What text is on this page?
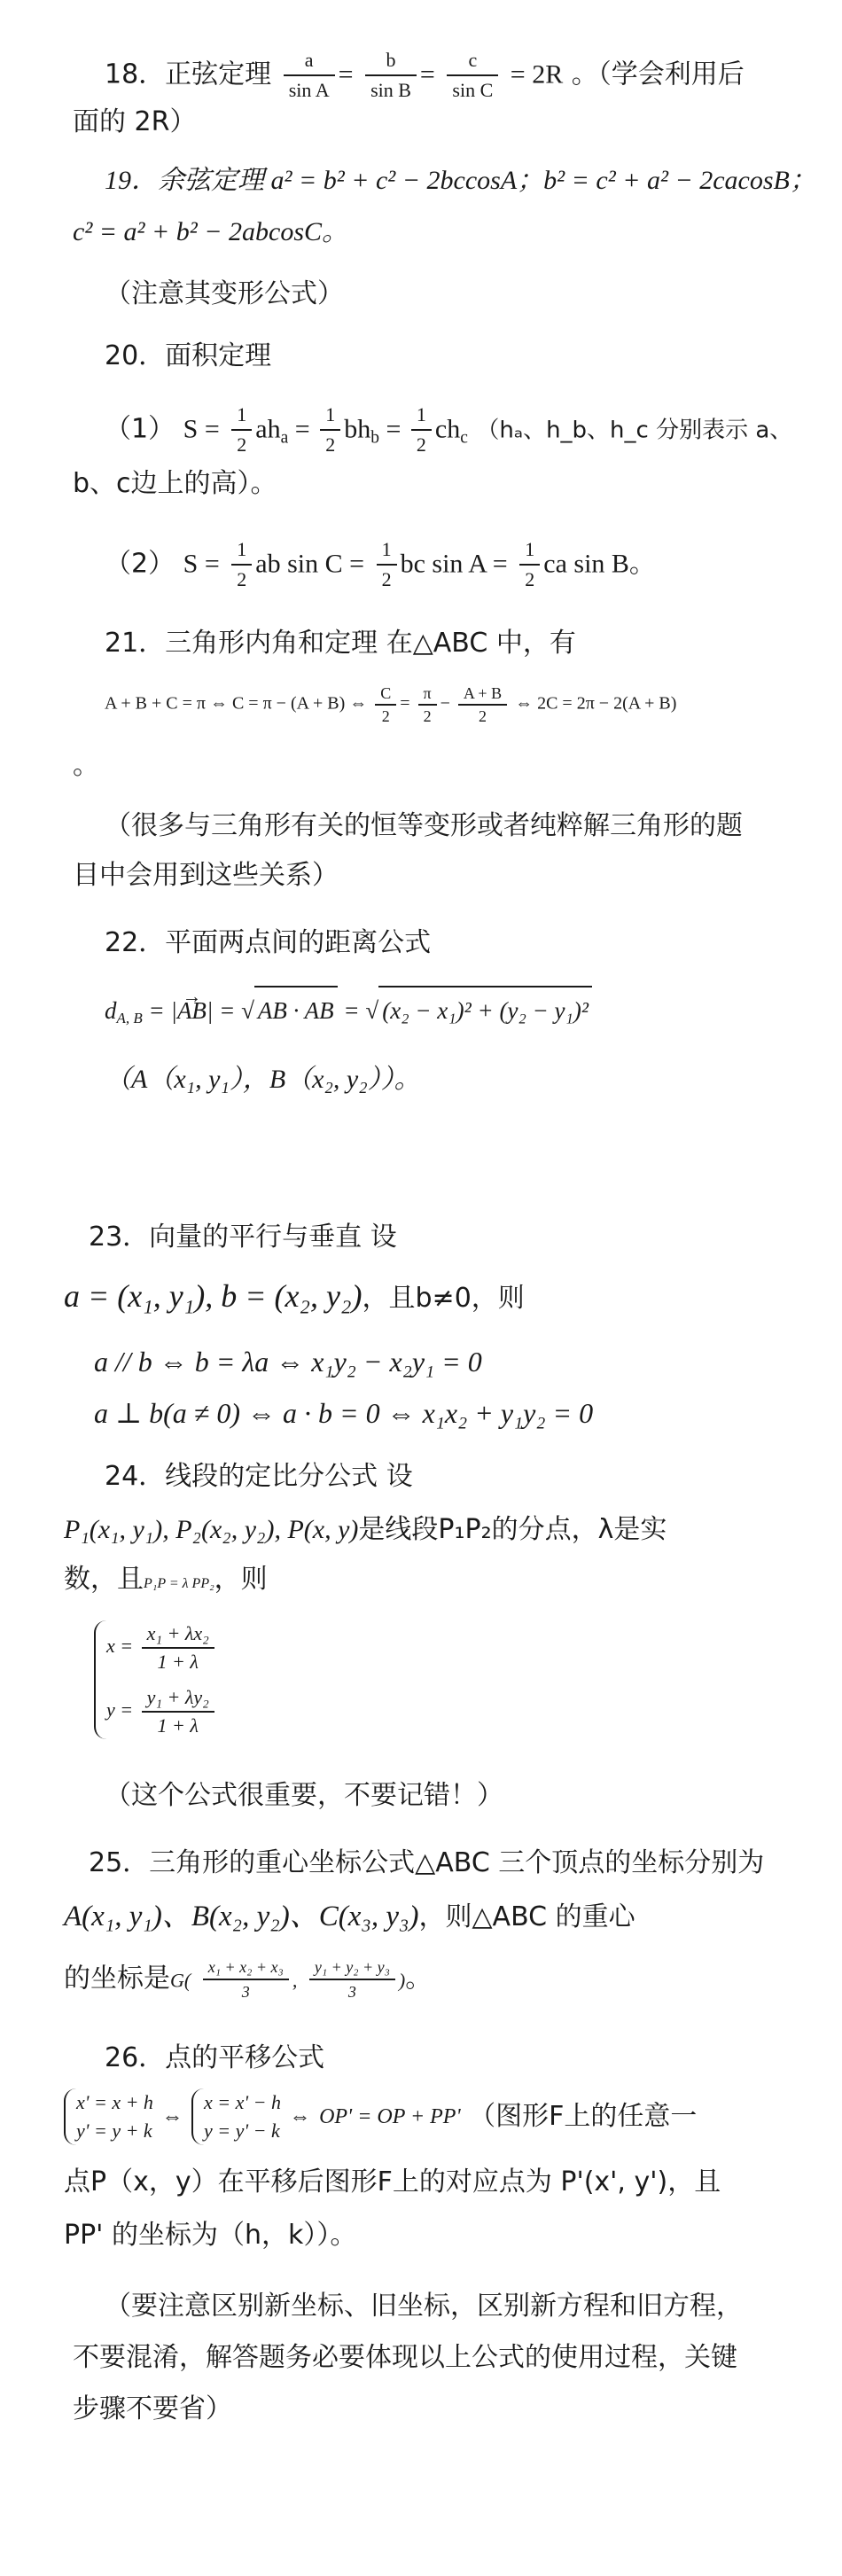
18．正弦定理 $\frac{a}{\text{sin A}} = \frac{b}{\text{sin B}} = \frac{c}{\text{sin C}} = 2R$ 。（学会利用后
面的 2R）
19．余弦定理 a² = b² + c² − 2bccosA；b² = c² + a² − 2cacosB；
c² = a² + b² − 2abcosC。
（注意其变形公式）
20．面积定理
（1） $S = \frac{1}{2} ah_a = \frac{1}{2} bh_b = \frac{1}{2} ch_c$ （hₐ、h_b、h_c 分别表示 a、
b、c边上的高）。
（2） $S = \frac{1}{2}$ ab $\sin C = \frac{1}{2}$ bc $\sin A = \frac{1}{2}$ ca sin B。
21．三角形内角和定理 在△ABC 中，有
A + B + C = π ⇔ C = π − (A + B) ⇔ $\frac{C}{2} = \frac{\pi}{2} - \frac{A + B}{2}$ ⇔ 2C = 2π − 2(A + B)
。
（很多与三角形有关的恒等变形或者纯粹解三角形的题
目中会用到这些关系）
22．平面两点间的距离公式
$d_{A, B}$ = |→ AB| = √ AB · AB = √ (x₂ − x₁)² + (y₂ − y₁)²
（A（x₁, y₁），B（x₂, y₂））。
23．向量的平行与垂直 设
a = (x₁, y₁), b = (x₂, y₂)，且b≠0，则
a // b ⇔ b = λa ⇔ x₁y₂ − x₂y₁ = 0
a ⊥ b(a ≠ 0) ⇔ a · b = 0 ⇔ x₁x₂ + y₁y₂ = 0
24．线段的定比分公式 设
P₁(x₁, y₁), P₂(x₂, y₂), P(x, y)是线段P₁P₂的分点，λ是实
数，且P₁P = λ PP₂，则
$x = \frac{\text{x₁ + λx₂}}{1 + \lambda}$
$y = \frac{\text{y₁ + λy₂}}{1 + \lambda}$
（这个公式很重要，不要记错！）
25．三角形的重心坐标公式△ABC 三个顶点的坐标分别为
A(x₁, y₁)、B(x₂, y₂)、C(x₃, y₃)，则△ABC 的重心
的坐标是$G( \frac{\text{x₁ + x₂ + x₃}}{3}$ , $\frac{\text{y₁ + y₂ + y₃}}{3}$ )。
26．点的平移公式
x' = x + h
y' = y + k
⇔
x = x' − h
y = y' − k
⇔ OP' = OP + PP' （图形F上的任意一
点P（x，y）在平移后图形F上的对应点为 P'(x', y')，且
PP' 的坐标为（h，k））。
（要注意区别新坐标、旧坐标，区别新方程和旧方程，
不要混淆，解答题务必要体现以上公式的使用过程，关键
步骤不要省）
